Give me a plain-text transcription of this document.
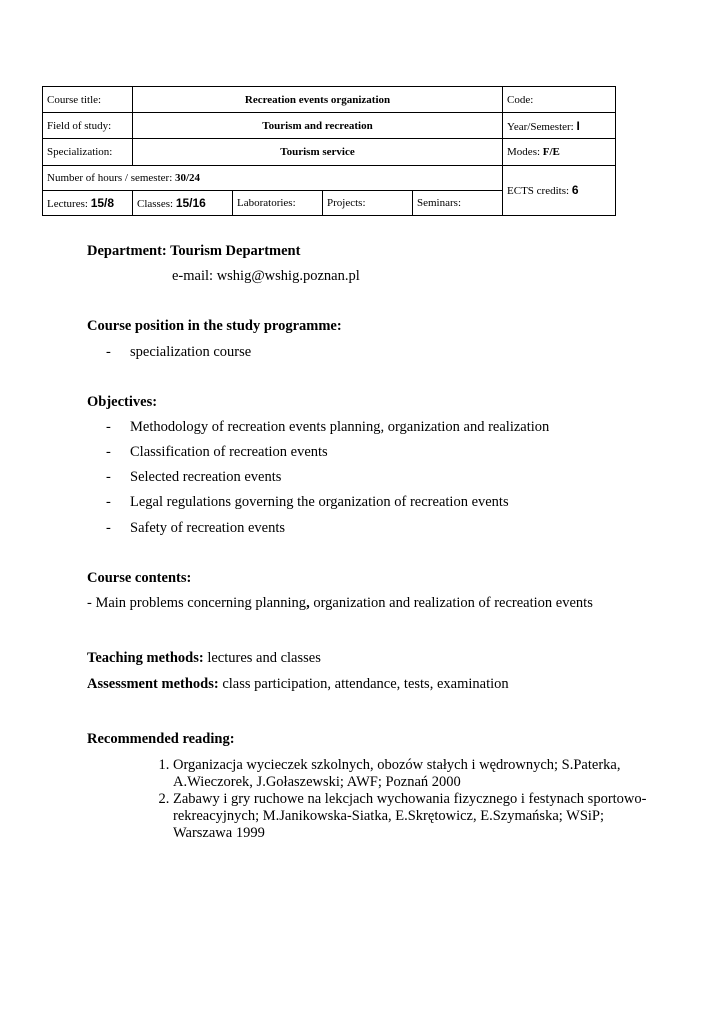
Course title:	Recreation events organization				Code:
Field of study:	Tourism and recreation				Year/Semester: I
Specialization:	Tourism service				Modes: F/E
Number of hours / semester: 30/24					ECTS credits: 6
Lectures: 15/8	Classes: 15/16	Laboratories:	Projects:	Seminars:	
Department: Tourism Department
e-mail: wshig@wshig.poznan.pl
Course position in the study programme:
- specialization course
Objectives:
- Methodology of recreation events planning, organization and realization
- Classification of recreation events
- Selected recreation events
- Legal regulations governing the organization of recreation events
- Safety of recreation events
Course contents:
- Main problems concerning planning, organization and realization of recreation events
Teaching methods: lectures and classes
Assessment methods: class participation, attendance, tests, examination
Recommended reading:
1. Organizacja wycieczek szkolnych, obozów stałych i wędrownych; S.Paterka, A.Wieczorek, J.Gołaszewski; AWF; Poznań 2000
2. Zabawy i gry ruchowe na lekcjach wychowania fizycznego i festynach sportowo-rekreacyjnych; M.Janikowska-Siatka, E.Skrętowicz, E.Szymańska; WSiP; Warszawa 1999
